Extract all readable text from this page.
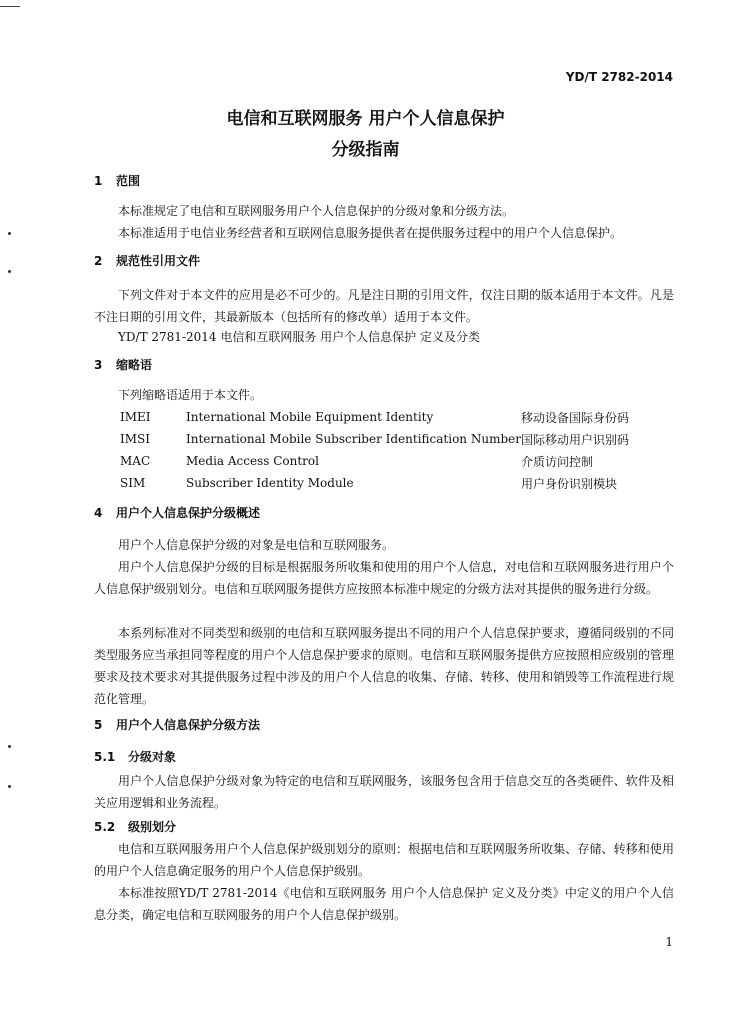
YD/T 2782-2014
电信和互联网服务 用户个人信息保护
分级指南
1 范围
本标准规定了电信和互联网服务用户个人信息保护的分级对象和分级方法。
本标准适用于电信业务经营者和互联网信息服务提供者在提供服务过程中的用户个人信息保护。
2 规范性引用文件
下列文件对于本文件的应用是必不可少的。凡是注日期的引用文件，仅注日期的版本适用于本文件。凡是不注日期的引用文件，其最新版本（包括所有的修改单）适用于本文件。
YD/T 2781-2014 电信和互联网服务 用户个人信息保护 定义及分类
3 缩略语
下列缩略语适用于本文件。
IMEI	International Mobile Equipment Identity	移动设备国际身份码
IMSI	International Mobile Subscriber Identification Number	国际移动用户识别码
MAC	Media Access Control	介质访问控制
SIM	Subscriber Identity Module	用户身份识别模块
4 用户个人信息保护分级概述
用户个人信息保护分级的对象是电信和互联网服务。
用户个人信息保护分级的目标是根据服务所收集和使用的用户个人信息，对电信和互联网服务进行用户个人信息保护级别划分。电信和互联网服务提供方应按照本标准中规定的分级方法对其提供的服务进行分级。
本系列标准对不同类型和级别的电信和互联网服务提出不同的用户个人信息保护要求，遵循同级别的不同类型服务应当承担同等程度的用户个人信息保护要求的原则。电信和互联网服务提供方应按照相应级别的管理要求及技术要求对其提供服务过程中涉及的用户个人信息的收集、存储、转移、使用和销毁等工作流程进行规范化管理。
5 用户个人信息保护分级方法
5.1 分级对象
用户个人信息保护分级对象为特定的电信和互联网服务，该服务包含用于信息交互的各类硬件、软件及相关应用逻辑和业务流程。
5.2 级别划分
电信和互联网服务用户个人信息保护级别划分的原则：根据电信和互联网服务所收集、存储、转移和使用的用户个人信息确定服务的用户个人信息保护级别。
本标准按照YD/T 2781-2014《电信和互联网服务 用户个人信息保护 定义及分类》中定义的用户个人信息分类，确定电信和互联网服务的用户个人信息保护级别。
1
